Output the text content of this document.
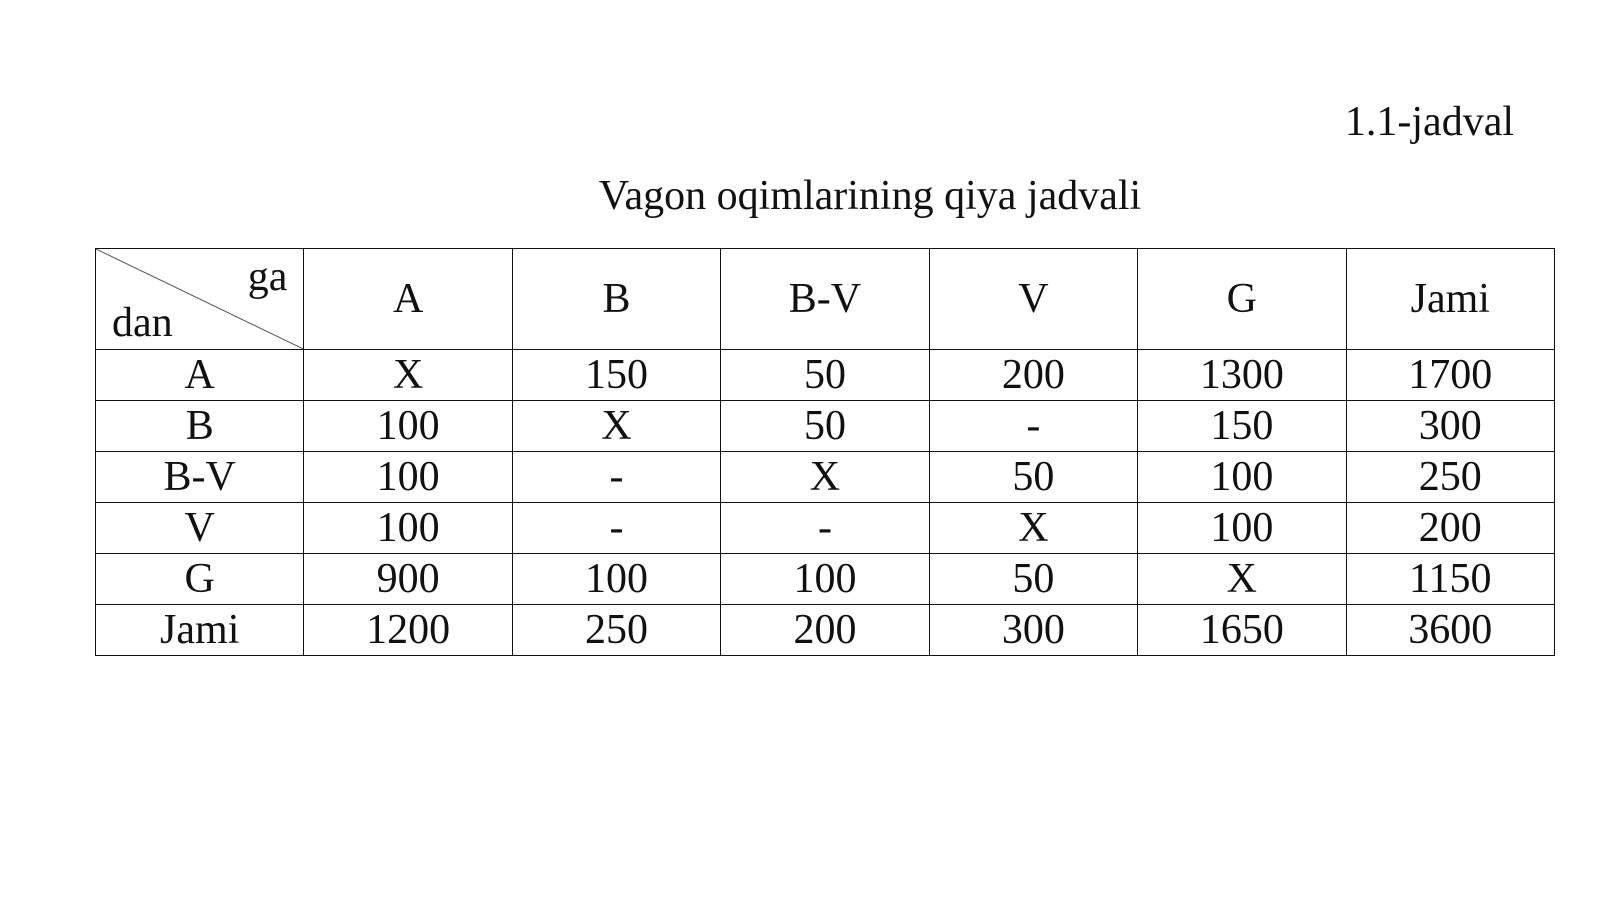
1.1-jadval
Vagon oqimlarining qiya jadvali
ga
dan	A	B	B-V	V	G	Jami
A	X	150	50	200	1300	1700
B	100	X	50	-	150	300
B-V	100	-	X	50	100	250
V	100	-	-	X	100	200
G	900	100	100	50	X	1150
Jami	1200	250	200	300	1650	3600
